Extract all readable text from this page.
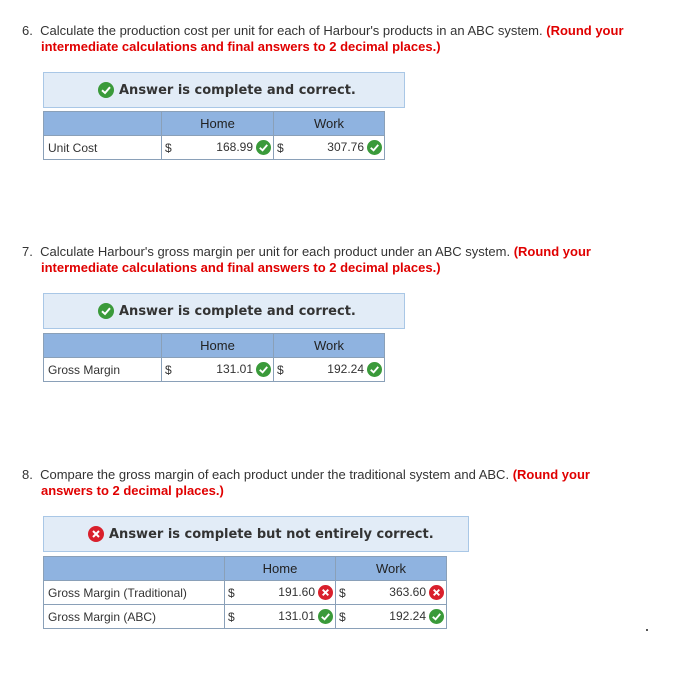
6. Calculate the production cost per unit for each of Harbour's products in an ABC system. (Round your
intermediate calculations and final answers to 2 decimal places.)
Answer is complete and correct.
	Home		Work	
Unit Cost	$	168.99	$	307.76
7. Calculate Harbour's gross margin per unit for each product under an ABC system. (Round your
intermediate calculations and final answers to 2 decimal places.)
Answer is complete and correct.
	Home		Work	
Gross Margin	$	131.01	$	192.24
8. Compare the gross margin of each product under the traditional system and ABC. (Round your
answers to 2 decimal places.)
Answer is complete but not entirely correct.
	Home		Work	
Gross Margin (Traditional)	$	191.60	$	363.60

Gross Margin (ABC)	$	131.01	$	192.24
